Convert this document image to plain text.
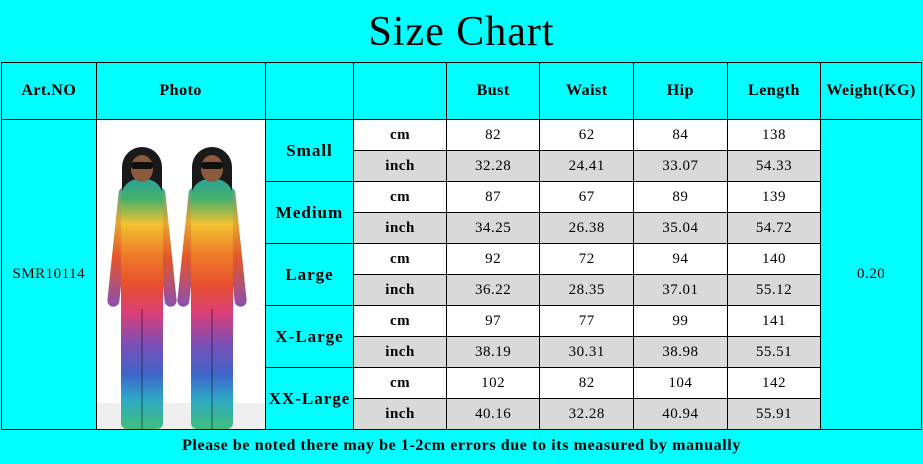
Size Chart
Art.NO	Photo			Bust	Waist	Hip	Length	Weight(KG)
SMR10114		Small	cm	82	62	84	138	0.20
			inch	32.28	24.41	33.07	54.33	
		Medium	cm	87	67	89	139	
			inch	34.25	26.38	35.04	54.72	
		Large	cm	92	72	94	140	
			inch	36.22	28.35	37.01	55.12	
		X-Large	cm	97	77	99	141	
			inch	38.19	30.31	38.98	55.51	
		XX-Large	cm	102	82	104	142	
			inch	40.16	32.28	40.94	55.91	
Please be noted there may be 1-2cm errors due to its measured by manually
